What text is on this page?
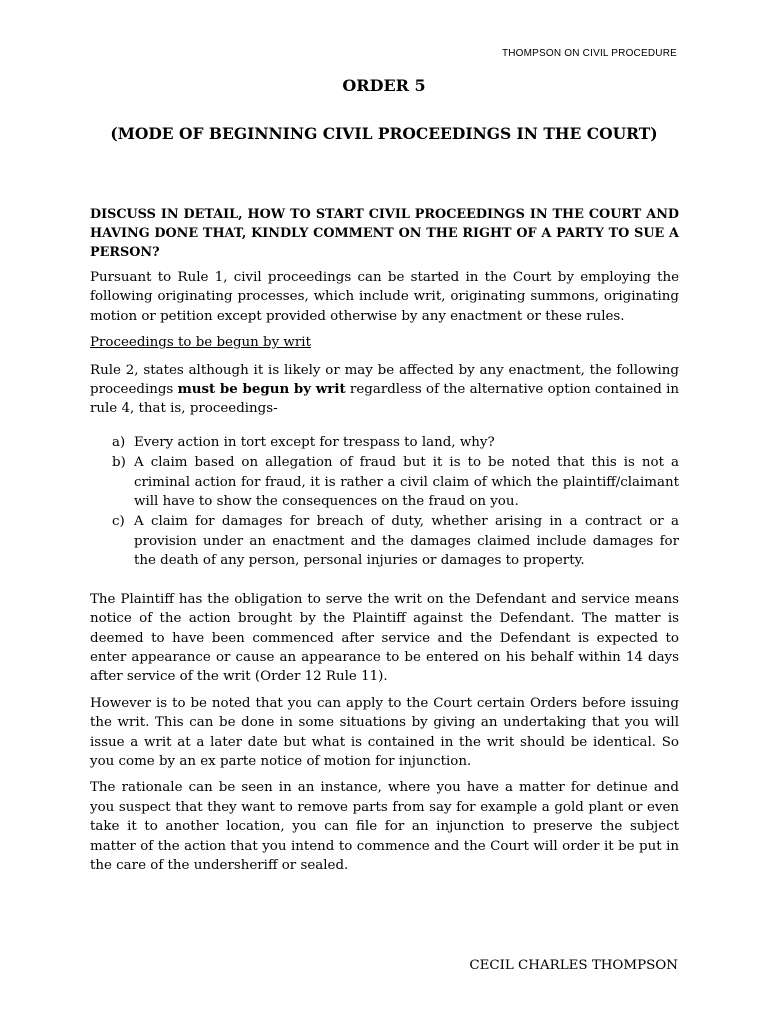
THOMPSON ON CIVIL PROCEDURE
ORDER 5
(MODE OF BEGINNING CIVIL PROCEEDINGS IN THE COURT)

DISCUSS IN DETAIL, HOW TO START CIVIL PROCEEDINGS IN THE COURT AND HAVING DONE THAT, KINDLY COMMENT ON THE RIGHT OF A PARTY TO SUE A PERSON?

Pursuant to Rule 1, civil proceedings can be started in the Court by employing the following originating processes, which include writ, originating summons, originating motion or petition except provided otherwise by any enactment or these rules.

Proceedings to be begun by writ

Rule 2, states although it is likely or may be affected by any enactment, the following proceedings must be begun by writ regardless of the alternative option contained in rule 4, that is, proceedings-

a) Every action in tort except for trespass to land, why?
b) A claim based on allegation of fraud but it is to be noted that this is not a criminal action for fraud, it is rather a civil claim of which the plaintiff/claimant will have to show the consequences on the fraud on you.
c) A claim for damages for breach of duty, whether arising in a contract or a provision under an enactment and the damages claimed include damages for the death of any person, personal injuries or damages to property.

The Plaintiff has the obligation to serve the writ on the Defendant and service means notice of the action brought by the Plaintiff against the Defendant. The matter is deemed to have been commenced after service and the Defendant is expected to enter appearance or cause an appearance to be entered on his behalf within 14 days after service of the writ (Order 12 Rule 11).

However is to be noted that you can apply to the Court certain Orders before issuing the writ. This can be done in some situations by giving an undertaking that you will issue a writ at a later date but what is contained in the writ should be identical. So you come by an ex parte notice of motion for injunction.

The rationale can be seen in an instance, where you have a matter for detinue and you suspect that they want to remove parts from say for example a gold plant or even take it to another location, you can file for an injunction to preserve the subject matter of the action that you intend to commence and the Court will order it be put in the care of the undersheriff or sealed.

CECIL CHARLES THOMPSON
